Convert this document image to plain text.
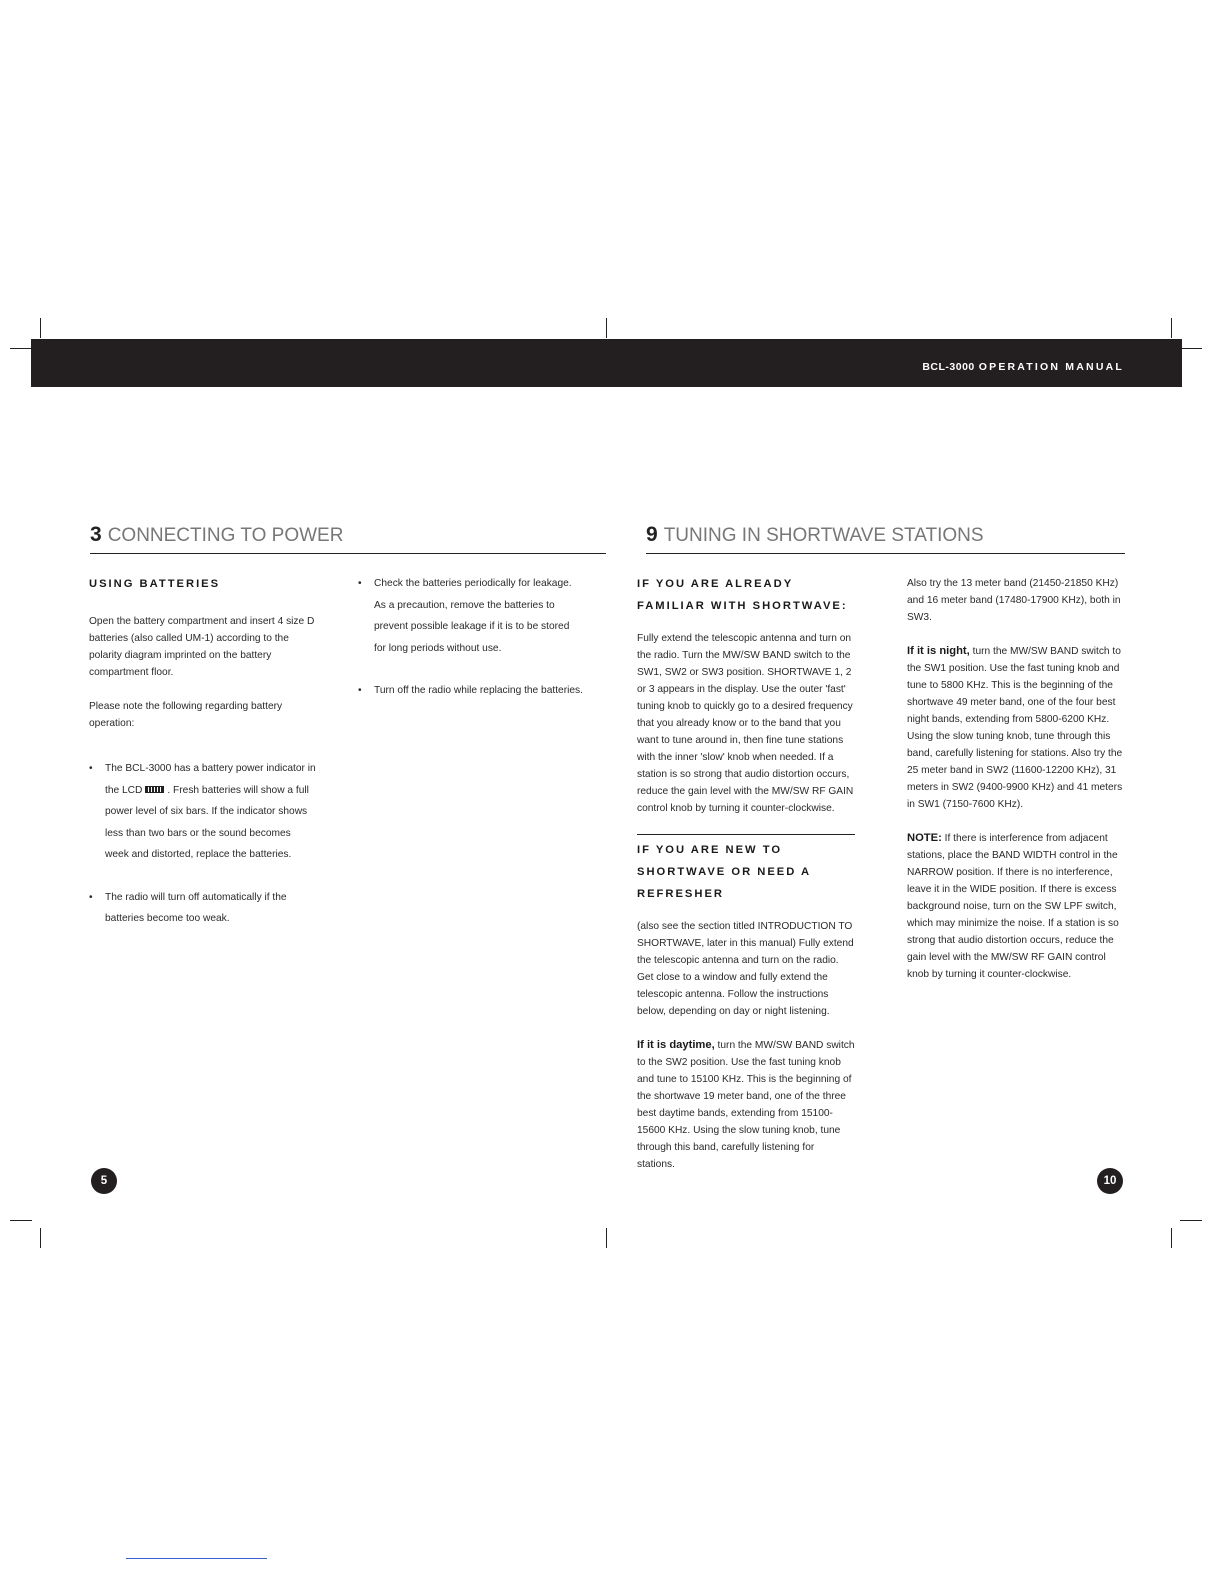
BCL-3000 OPERATION MANUAL
3 CONNECTING TO POWER

USING BATTERIES

Open the battery compartment and insert 4 size D batteries (also called UM-1) according to the polarity diagram imprinted on the battery compartment floor.

Please note the following regarding battery operation:

• The BCL-3000 has a battery power indicator in the LCD . Fresh batteries will show a full power level of six bars. If the indicator shows less than two bars or the sound becomes week and distorted, replace the batteries.
• The radio will turn off automatically if the batteries become too weak.
• Check the batteries periodically for leakage. As a precaution, remove the batteries to prevent possible leakage if it is to be stored for long periods without use.
• Turn off the radio while replacing the batteries.
5
9 TUNING IN SHORTWAVE STATIONS

IF YOU ARE ALREADY FAMILIAR WITH SHORTWAVE:

Fully extend the telescopic antenna and turn on the radio. Turn the MW/SW BAND switch to the SW1, SW2 or SW3 position. SHORTWAVE 1, 2 or 3 appears in the display. Use the outer 'fast' tuning knob to quickly go to a desired frequency that you already know or to the band that you want to tune around in, then fine tune stations with the inner 'slow' knob when needed. If a station is so strong that audio distortion occurs, reduce the gain level with the MW/SW RF GAIN control knob by turning it counter-clockwise.

IF YOU ARE NEW TO SHORTWAVE OR NEED A REFRESHER

(also see the section titled INTRODUCTION TO SHORTWAVE, later in this manual) Fully extend the telescopic antenna and turn on the radio. Get close to a window and fully extend the telescopic antenna. Follow the instructions below, depending on day or night listening.

If it is daytime, turn the MW/SW BAND switch to the SW2 position. Use the fast tuning knob and tune to 15100 KHz. This is the beginning of the shortwave 19 meter band, one of the three best daytime bands, extending from 15100-15600 KHz. Using the slow tuning knob, tune through this band, carefully listening for stations.

Also try the 13 meter band (21450-21850 KHz) and 16 meter band (17480-17900 KHz), both in SW3.

If it is night, turn the MW/SW BAND switch to the SW1 position. Use the fast tuning knob and tune to 5800 KHz. This is the beginning of the shortwave 49 meter band, one of the four best night bands, extending from 5800-6200 KHz. Using the slow tuning knob, tune through this band, carefully listening for stations. Also try the 25 meter band in SW2 (11600-12200 KHz), 31 meters in SW2 (9400-9900 KHz) and 41 meters in SW1 (7150-7600 KHz).

NOTE: If there is interference from adjacent stations, place the BAND WIDTH control in the NARROW position. If there is no interference, leave it in the WIDE position. If there is excess background noise, turn on the SW LPF switch, which may minimize the noise. If a station is so strong that audio distortion occurs, reduce the gain level with the MW/SW RF GAIN control knob by turning it counter-clockwise.

10
